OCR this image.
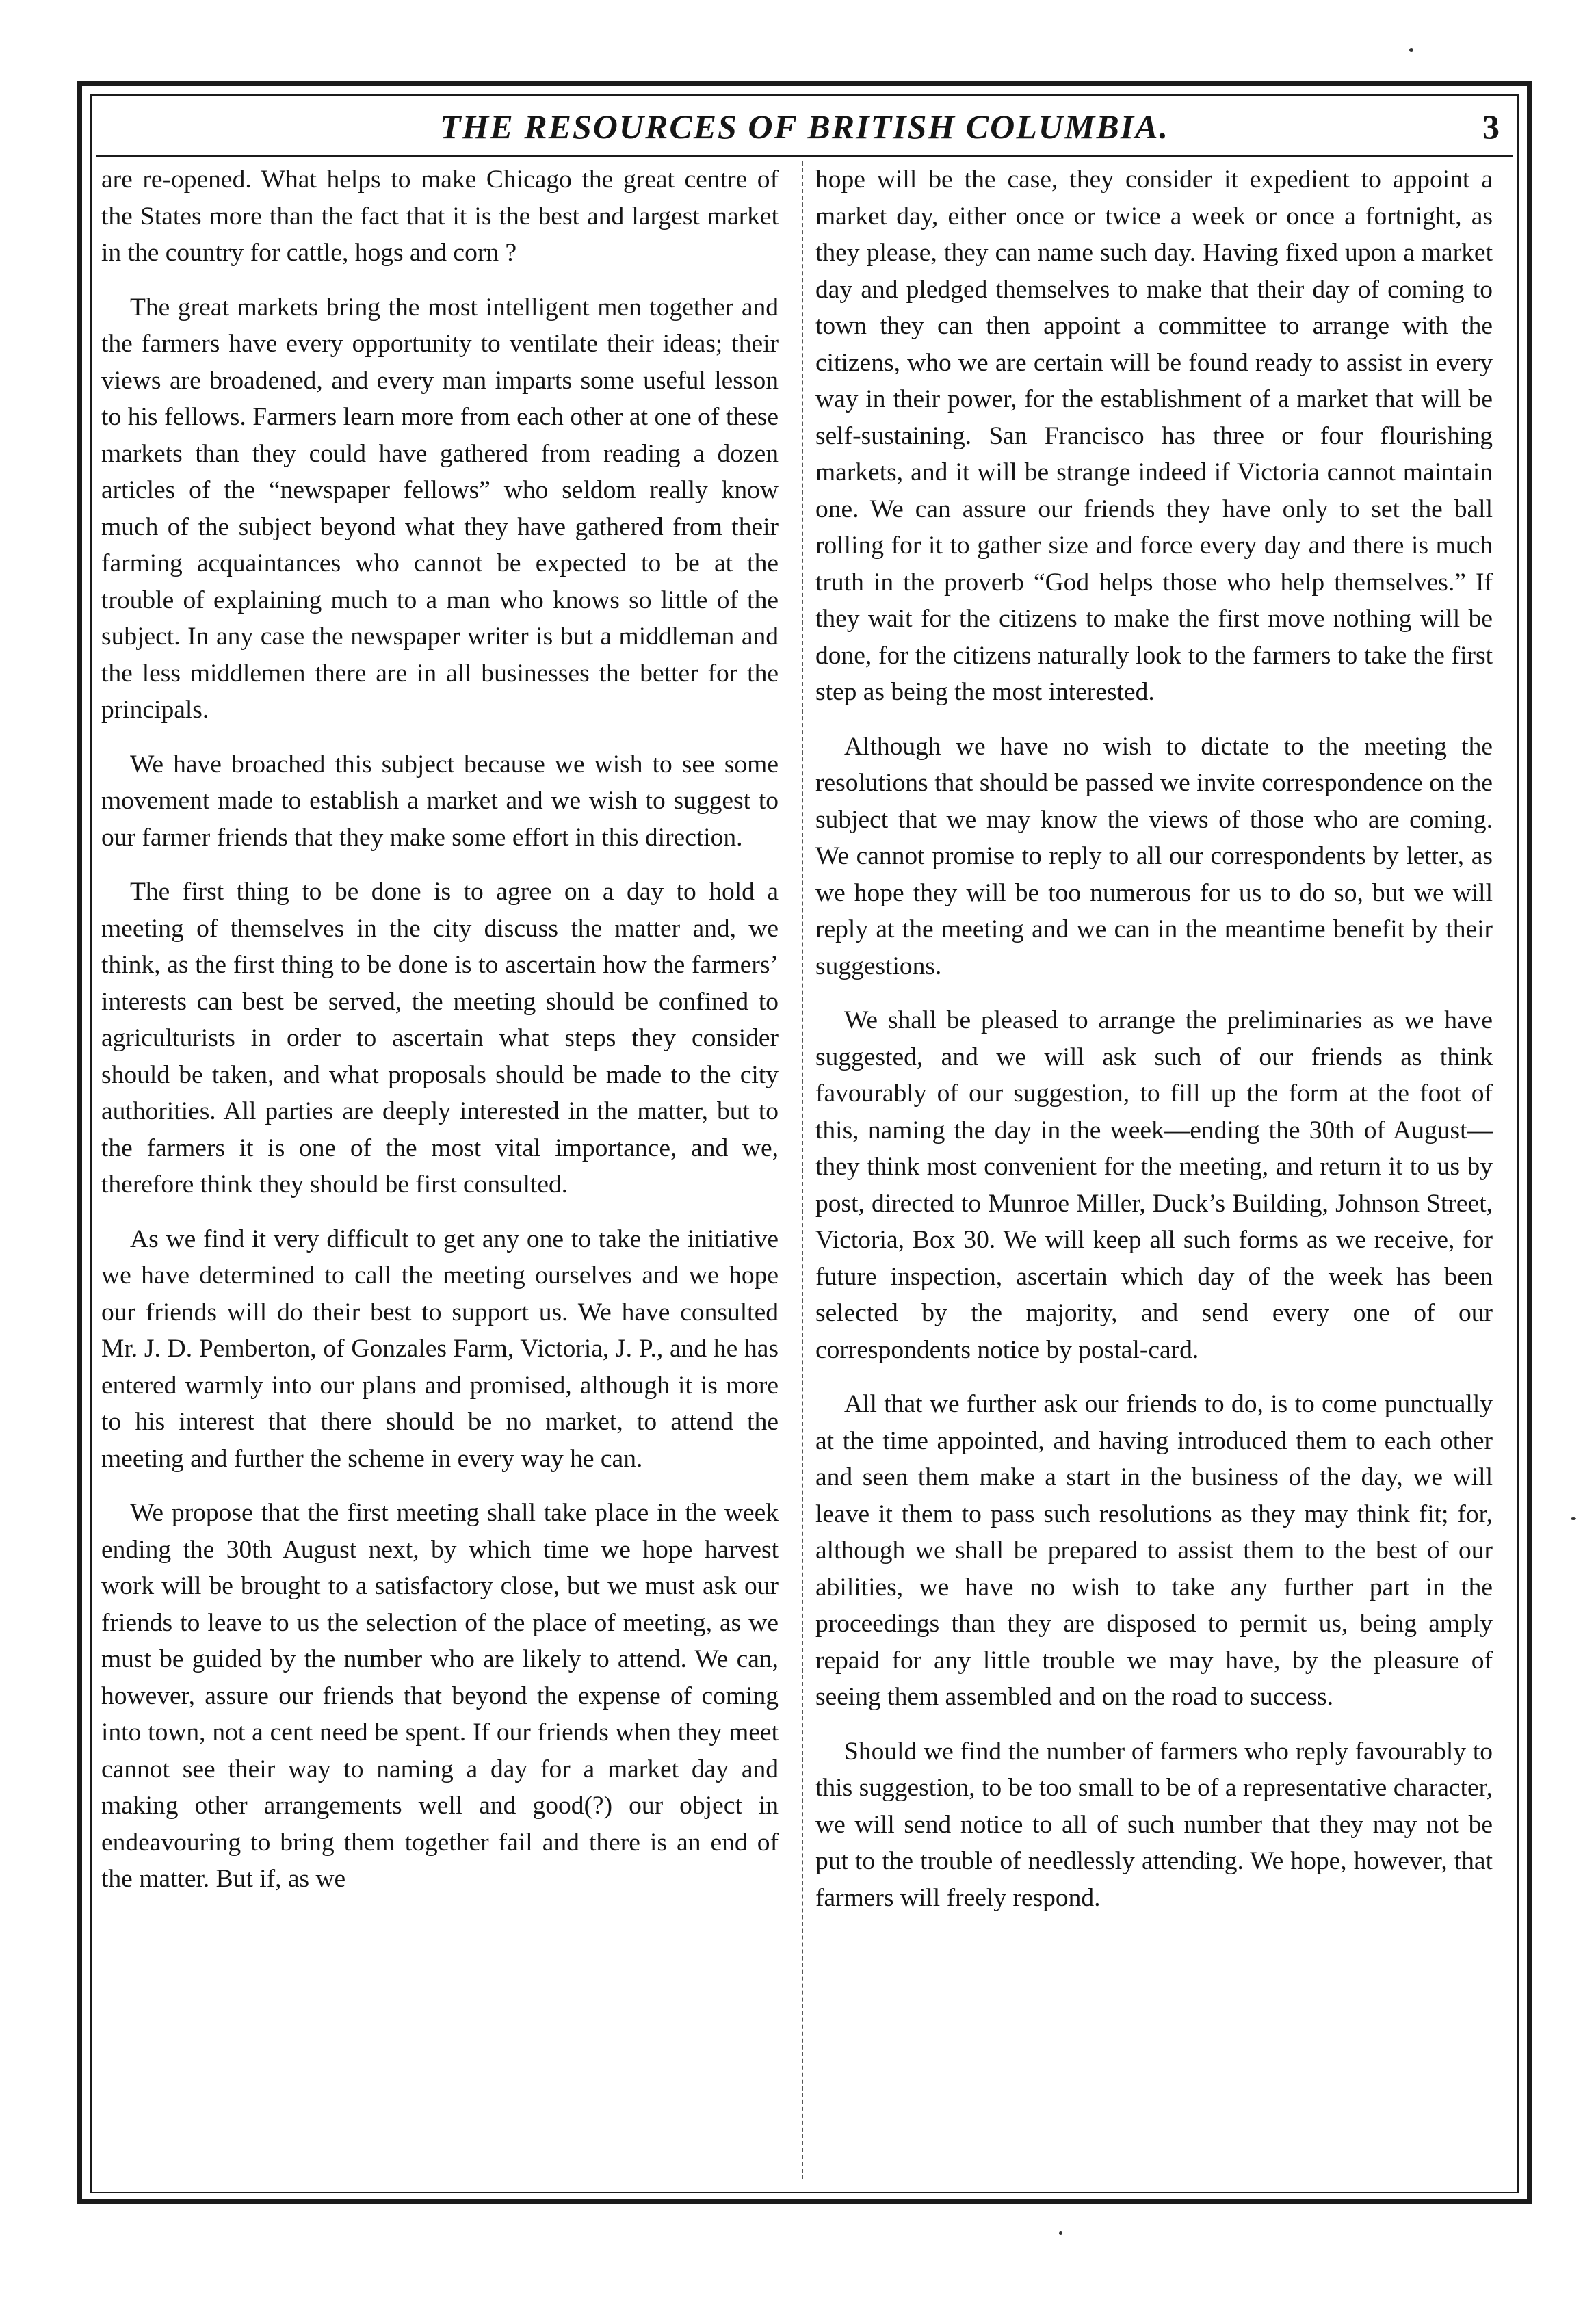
THE RESOURCES OF BRITISH COLUMBIA.	3

are re-opened. What helps to make Chicago the great centre of the States more than the fact that it is the best and largest market in the country for cattle, hogs and corn ?

The great markets bring the most intelligent men together and the farmers have every opportunity to ventilate their ideas; their views are broadened, and every man imparts some useful lesson to his fellows. Farmers learn more from each other at one of these markets than they could have gathered from reading a dozen articles of the “newspaper fellows” who seldom really know much of the subject beyond what they have gathered from their farming acquaintances who cannot be expected to be at the trouble of explaining much to a man who knows so little of the subject. In any case the newspaper writer is but a middleman and the less middlemen there are in all businesses the better for the principals.

We have broached this subject because we wish to see some movement made to establish a market and we wish to suggest to our farmer friends that they make some effort in this direction.

The first thing to be done is to agree on a day to hold a meeting of themselves in the city discuss the matter and, we think, as the first thing to be done is to ascertain how the farmers’ interests can best be served, the meeting should be confined to agriculturists in order to ascertain what steps they consider should be taken, and what proposals should be made to the city authorities. All parties are deeply interested in the matter, but to the farmers it is one of the most vital importance, and we, therefore think they should be first consulted.

As we find it very difficult to get any one to take the initiative we have determined to call the meeting ourselves and we hope our friends will do their best to support us. We have consulted Mr. J. D. Pemberton, of Gonzales Farm, Victoria, J. P., and he has entered warmly into our plans and promised, although it is more to his interest that there should be no market, to attend the meeting and further the scheme in every way he can.

We propose that the first meeting shall take place in the week ending the 30th August next, by which time we hope harvest work will be brought to a satisfactory close, but we must ask our friends to leave to us the selection of the place of meeting, as we must be guided by the number who are likely to attend. We can, however, assure our friends that beyond the expense of coming into town, not a cent need be spent. If our friends when they meet cannot see their way to naming a day for a market day and making other arrangements well and good(?) our object in endeavouring to bring them together fail and there is an end of the matter. But if, as we

hope will be the case, they consider it expedient to appoint a market day, either once or twice a week or once a fortnight, as they please, they can name such day. Having fixed upon a market day and pledged themselves to make that their day of coming to town they can then appoint a committee to arrange with the citizens, who we are certain will be found ready to assist in every way in their power, for the establishment of a market that will be self-sustaining. San Francisco has three or four flourishing markets, and it will be strange indeed if Victoria cannot maintain one. We can assure our friends they have only to set the ball rolling for it to gather size and force every day and there is much truth in the proverb “God helps those who help themselves.” If they wait for the citizens to make the first move nothing will be done, for the citizens naturally look to the farmers to take the first step as being the most interested.

Although we have no wish to dictate to the meeting the resolutions that should be passed we invite correspondence on the subject that we may know the views of those who are coming. We cannot promise to reply to all our correspondents by letter, as we hope they will be too numerous for us to do so, but we will reply at the meeting and we can in the meantime benefit by their suggestions.

We shall be pleased to arrange the preliminaries as we have suggested, and we will ask such of our friends as think favourably of our suggestion, to fill up the form at the foot of this, naming the day in the week—ending the 30th of August—they think most convenient for the meeting, and return it to us by post, directed to Munroe Miller, Duck’s Building, Johnson Street, Victoria, Box 30. We will keep all such forms as we receive, for future inspection, ascertain which day of the week has been selected by the majority, and send every one of our correspondents notice by postal-card.

All that we further ask our friends to do, is to come punctually at the time appointed, and having introduced them to each other and seen them make a start in the business of the day, we will leave it them to pass such resolutions as they may think fit; for, although we shall be prepared to assist them to the best of our abilities, we have no wish to take any further part in the proceedings than they are disposed to permit us, being amply repaid for any little trouble we may have, by the pleasure of seeing them assembled and on the road to success.

Should we find the number of farmers who reply favourably to this suggestion, to be too small to be of a representative character, we will send notice to all of such number that they may not be put to the trouble of needlessly attending. We hope, however, that farmers will freely respond.
